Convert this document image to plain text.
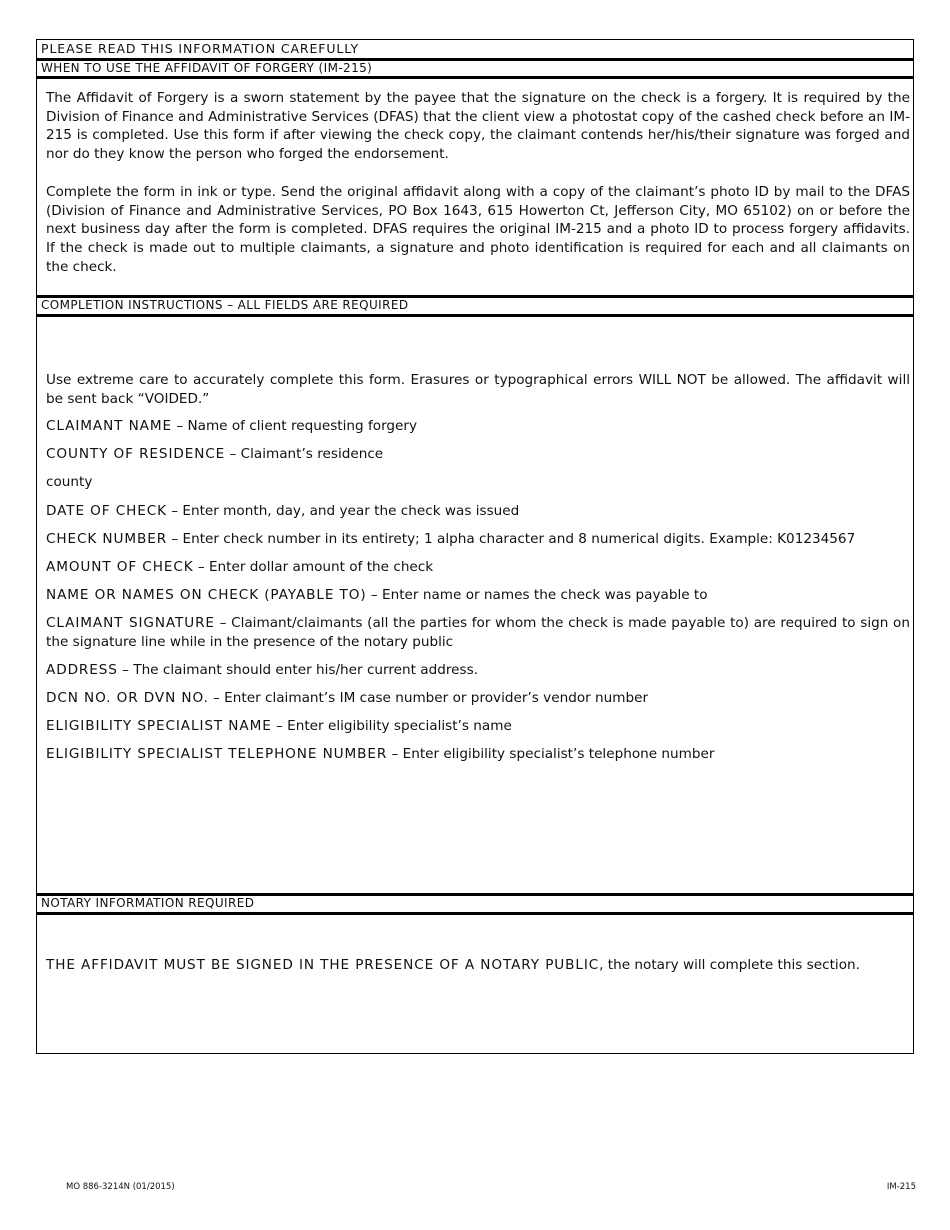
PLEASE READ THIS INFORMATION CAREFULLY
WHEN TO USE THE AFFIDAVIT OF FORGERY (IM-215)

The Affidavit of Forgery is a sworn statement by the payee that the signature on the check is a forgery. It is required by the Division of Finance and Administrative Services (DFAS) that the client view a photostat copy of the cashed check before an IM-215 is completed. Use this form if after viewing the check copy, the claimant contends her/his/their signature was forged and nor do they know the person who forged the endorsement.

Complete the form in ink or type. Send the original affidavit along with a copy of the claimant’s photo ID by mail to the DFAS (Division of Finance and Administrative Services, PO Box 1643, 615 Howerton Ct, Jefferson City, MO 65102) on or before the next business day after the form is completed. DFAS requires the original IM-215 and a photo ID to process forgery affidavits. If the check is made out to multiple claimants, a signature and photo identification is required for each and all claimants on the check.

COMPLETION INSTRUCTIONS – ALL FIELDS ARE REQUIRED

Use extreme care to accurately complete this form. Erasures or typographical errors WILL NOT be allowed. The affidavit will be sent back “VOIDED.”

CLAIMANT NAME – Name of client requesting forgery

COUNTY OF RESIDENCE – Claimant’s residence

county

DATE OF CHECK – Enter month, day, and year the check was issued

CHECK NUMBER – Enter check number in its entirety; 1 alpha character and 8 numerical digits. Example: K01234567

AMOUNT OF CHECK – Enter dollar amount of the check

NAME OR NAMES ON CHECK (PAYABLE TO) – Enter name or names the check was payable to

CLAIMANT SIGNATURE – Claimant/claimants (all the parties for whom the check is made payable to) are required to sign on the signature line while in the presence of the notary public

ADDRESS – The claimant should enter his/her current address.

DCN NO. OR DVN NO. – Enter claimant’s IM case number or provider’s vendor number

ELIGIBILITY SPECIALIST NAME – Enter eligibility specialist’s name

ELIGIBILITY SPECIALIST TELEPHONE NUMBER – Enter eligibility specialist’s telephone number

NOTARY INFORMATION REQUIRED

THE AFFIDAVIT MUST BE SIGNED IN THE PRESENCE OF A NOTARY PUBLIC, the notary will complete this section.

MO 886-3214N (01/2015)	IM-215
